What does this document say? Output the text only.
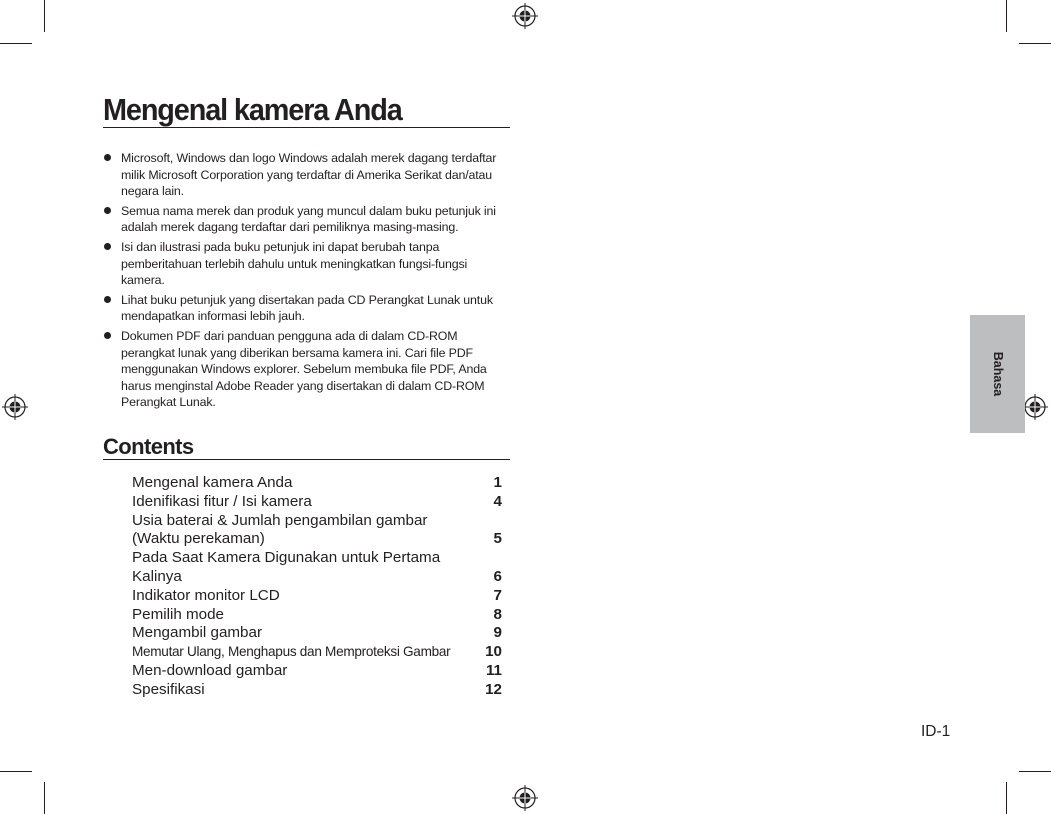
Mengenal kamera Anda
Microsoft, Windows dan logo Windows adalah merek dagang terdaftar milik Microsoft Corporation yang terdaftar di Amerika Serikat dan/atau negara lain.
Semua nama merek dan produk yang muncul dalam buku petunjuk ini adalah merek dagang terdaftar dari pemiliknya masing-masing.
Isi dan ilustrasi pada buku petunjuk ini dapat berubah tanpa pemberitahuan terlebih dahulu untuk meningkatkan fungsi-fungsi kamera.
Lihat buku petunjuk yang disertakan pada CD Perangkat Lunak untuk mendapatkan informasi lebih jauh.
Dokumen PDF dari panduan pengguna ada di dalam CD-ROM perangkat lunak yang diberikan bersama kamera ini. Cari file PDF menggunakan Windows explorer. Sebelum membuka file PDF, Anda harus menginstal Adobe Reader yang disertakan di dalam CD-ROM Perangkat Lunak.
Contents
Mengenal kamera Anda	1
Idenifikasi fitur / Isi kamera	4
Usia baterai & Jumlah pengambilan gambar (Waktu perekaman)	5
Pada Saat Kamera Digunakan untuk Pertama Kalinya	6
Indikator monitor LCD	7
Pemilih mode	8
Mengambil gambar	9
Memutar Ulang, Menghapus dan Memproteksi Gambar	10
Men-download gambar	11
Spesifikasi	12
Bahasa
ID-1
